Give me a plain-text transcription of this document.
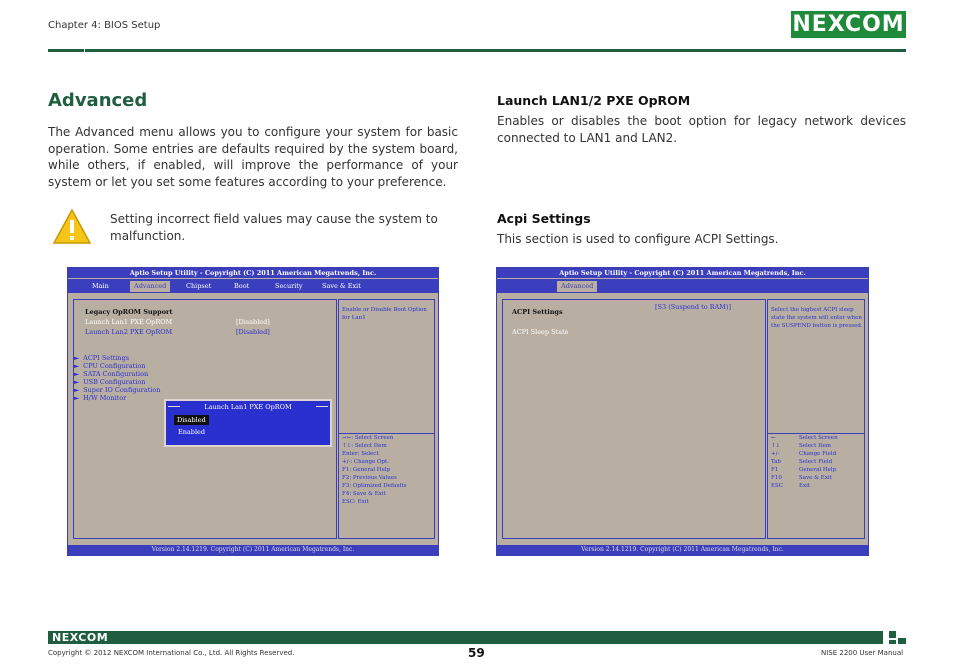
Chapter 4: BIOS Setup	NEXCOM
Advanced
The Advanced menu allows you to configure your system for basic operation. Some entries are defaults required by the system board, while others, if enabled, will improve the performance of your system or let you set some features according to your preference.
Setting incorrect field values may cause the system to malfunction.
Aptio Setup Utility - Copyright (C) 2011 American Megatrends, Inc.
Main	Advanced	Chipset	Boot	Security	Save & Exit
Legacy OpROM Support
Launch Lan1 PXE OpROM	[Disabled]
Launch Lan2 PXE OpROM	[Disabled]
►  ACPI Settings
►  CPU Configuration
►  SATA Configuration
►  USB Configuration
►  Super IO Configuration
►  H/W Monitor
Enable or Disable Boot Option
for Lan1
→←: Select Screen
↑↓: Select Item
Enter: Select
+/-: Change Opt.
F1: General Help
F2: Previous Values
F3: Optimized Defaults
F4: Save & Exit
ESC: Exit
Launch Lan1 PXE OpROM
Disabled
Enabled
Version 2.14.1219. Copyright (C) 2011 American Megatrends, Inc.
Launch LAN1/2 PXE OpROM
Enables or disables the boot option for legacy network devices connected to LAN1 and LAN2.
Acpi Settings
This section is used to configure ACPI Settings.
Aptio Setup Utility - Copyright (C) 2011 American Megatrends, Inc.
Advanced
ACPI Settings
ACPI Sleep State
[S3 (Suspend to RAM)]	Select the highest ACPI sleep
state the system will enter when
the SUSPEND button is pressed.
←	Select Screen
↑↓	Select Item
+/-	Change Field
Tab	Select Field
F1	General Help
F10	Save & Exit
ESC	Exit
Version 2.14.1219. Copyright (C) 2011 American Megatrends, Inc.
NEXCOM
Copyright © 2012 NEXCOM International Co., Ltd. All Rights Reserved.	59	NISE 2200 User Manual
